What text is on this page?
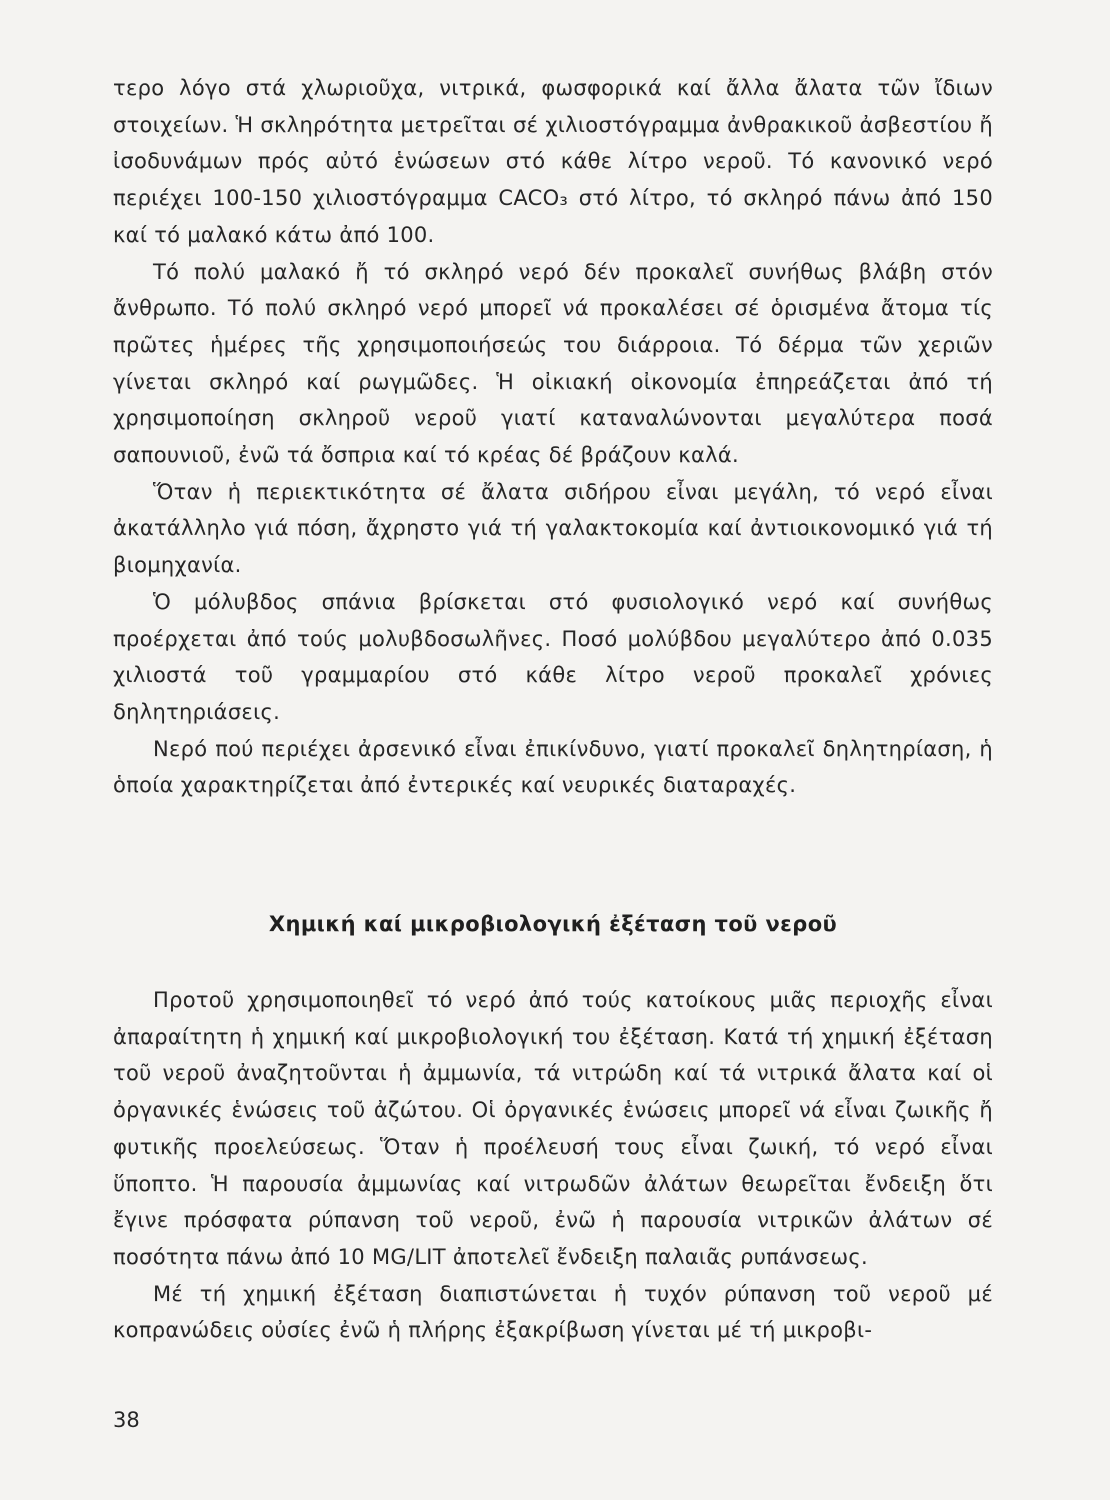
τερο λόγο στά χλωριοῦχα, νιτρικά, φωσφορικά καί ἄλλα ἄλατα τῶν ἴδιων στοιχείων. Ἡ σκληρότητα μετρεῖται σέ χιλιοστόγραμμα ἀνθρακικοῦ ἀσβεστίου ἤ ἰσοδυνάμων πρός αὐτό ἑνώσεων στό κάθε λίτρο νεροῦ. Τό κανονικό νερό περιέχει 100-150 χιλιοστόγραμμα CACO₃ στό λίτρο, τό σκληρό πάνω ἀπό 150 καί τό μαλακό κάτω ἀπό 100.

Τό πολύ μαλακό ἤ τό σκληρό νερό δέν προκαλεῖ συνήθως βλάβη στόν ἄνθρωπο. Τό πολύ σκληρό νερό μπορεῖ νά προκαλέσει σέ ὁρισμένα ἄτομα τίς πρῶτες ἡμέρες τῆς χρησιμοποιήσεώς του διάρροια. Τό δέρμα τῶν χεριῶν γίνεται σκληρό καί ρωγμῶδες. Ἡ οἰκιακή οἰκονομία ἐπηρεάζεται ἀπό τή χρησιμοποίηση σκληροῦ νεροῦ γιατί καταναλώνονται μεγαλύτερα ποσά σαπουνιοῦ, ἐνῶ τά ὄσπρια καί τό κρέας δέ βράζουν καλά.

Ὅταν ἡ περιεκτικότητα σέ ἄλατα σιδήρου εἶναι μεγάλη, τό νερό εἶναι ἀκατάλληλο γιά πόση, ἄχρηστο γιά τή γαλακτοκομία καί ἀντιοικονομικό γιά τή βιομηχανία.

Ὁ μόλυβδος σπάνια βρίσκεται στό φυσιολογικό νερό καί συνήθως προέρχεται ἀπό τούς μολυβδοσωλῆνες. Ποσό μολύβδου μεγαλύτερο ἀπό 0.035 χιλιοστά τοῦ γραμμαρίου στό κάθε λίτρο νεροῦ προκαλεῖ χρόνιες δηλητηριάσεις.

Νερό πού περιέχει ἀρσενικό εἶναι ἐπικίνδυνο, γιατί προκαλεῖ δηλητηρίαση, ἡ ὁποία χαρακτηρίζεται ἀπό ἐντερικές καί νευρικές διαταραχές.

Χημική καί μικροβιολογική ἐξέταση τοῦ νεροῦ

Προτοῦ χρησιμοποιηθεῖ τό νερό ἀπό τούς κατοίκους μιᾶς περιοχῆς εἶναι ἀπαραίτητη ἡ χημική καί μικροβιολογική του ἐξέταση. Κατά τή χημική ἐξέταση τοῦ νεροῦ ἀναζητοῦνται ἡ ἀμμωνία, τά νιτρώδη καί τά νιτρικά ἄλατα καί οἱ ὀργανικές ἑνώσεις τοῦ ἀζώτου. Οἱ ὀργανικές ἑνώσεις μπορεῖ νά εἶναι ζωικῆς ἤ φυτικῆς προελεύσεως. Ὅταν ἡ προέλευσή τους εἶναι ζωική, τό νερό εἶναι ὕποπτο. Ἡ παρουσία ἀμμωνίας καί νιτρωδῶν ἀλάτων θεωρεῖται ἔνδειξη ὅτι ἔγινε πρόσφατα ρύπανση τοῦ νεροῦ, ἐνῶ ἡ παρουσία νιτρικῶν ἀλάτων σέ ποσότητα πάνω ἀπό 10 MG/LIT ἀποτελεῖ ἔνδειξη παλαιᾶς ρυπάνσεως.

Μέ τή χημική ἐξέταση διαπιστώνεται ἡ τυχόν ρύπανση τοῦ νεροῦ μέ κοπρανώδεις οὐσίες ἐνῶ ἡ πλήρης ἐξακρίβωση γίνεται μέ τή μικροβι-

38
